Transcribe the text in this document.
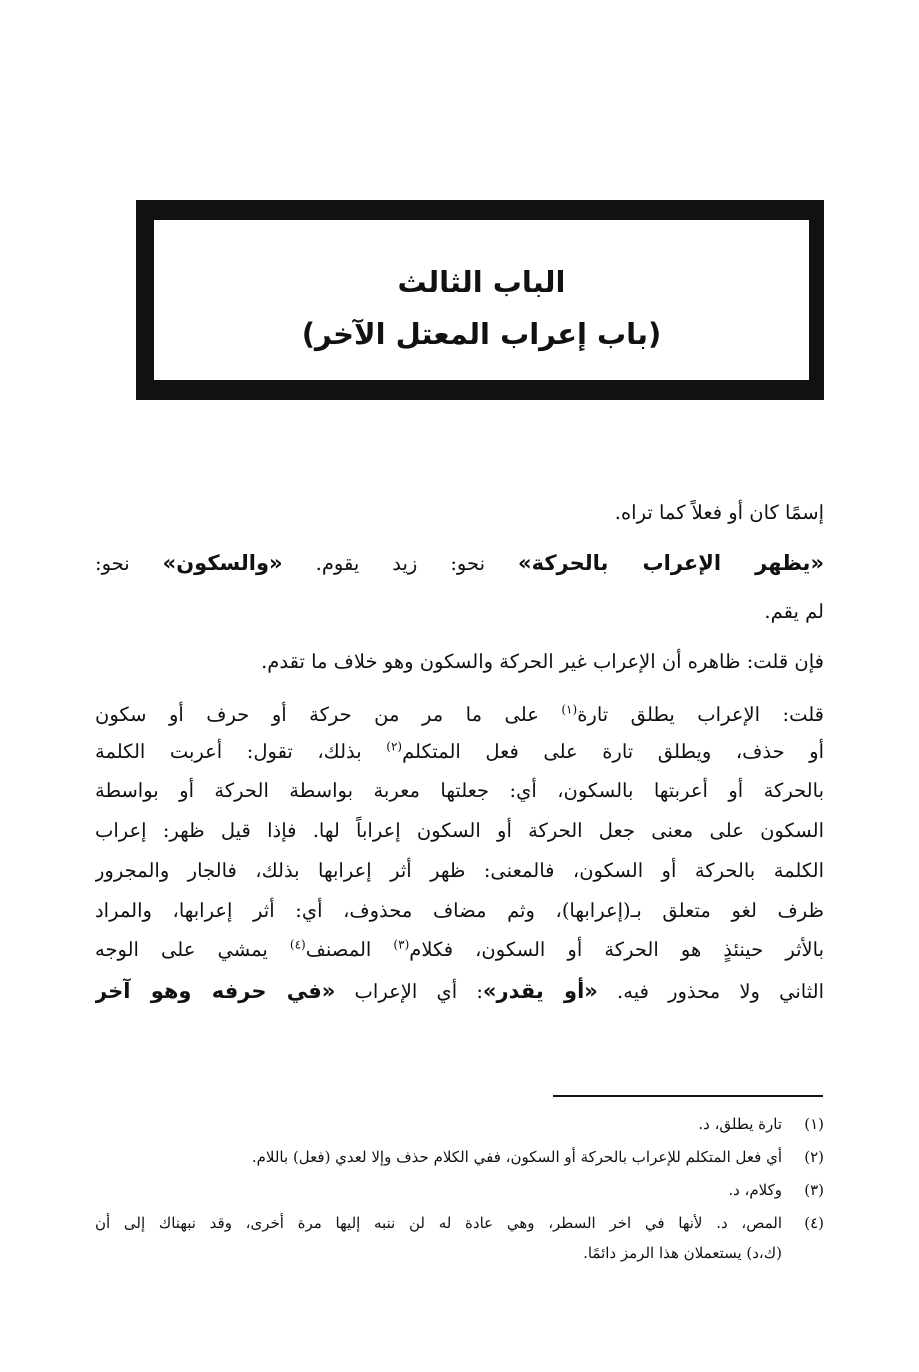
الباب الثالث
(باب إعراب المعتل الآخر)
إسمًا كان أو فعلاً كما تراه.
«يظهر الإعراب بالحركة» نحو: زيد يقوم. «والسكون» نحو:
لم يقم.
فإن قلت: ظاهره أن الإعراب غير الحركة والسكون وهو خلاف ما تقدم.
قلت: الإعراب يطلق تارة$^{(١)}$ على ما مر من حركة أو حرف أو سكون
أو حذف، ويطلق تارة على فعل المتكلم$^{(٢)}$ بذلك، تقول: أعربت الكلمة
بالحركة أو أعربتها بالسكون، أي: جعلتها معربة بواسطة الحركة أو بواسطة
السكون على معنى جعل الحركة أو السكون إعراباً لها. فإذا قيل ظهر: إعراب
الكلمة بالحركة أو السكون، فالمعنى: ظهر أثر إعرابها بذلك، فالجار والمجرور
ظرف لغو متعلق بـ(إعرابها)، وثم مضاف محذوف، أي: أثر إعرابها، والمراد
بالأثر حينئذٍ هو الحركة أو السكون، فكلام$^{(٣)}$ المصنف$^{(٤)}$ يمشي على الوجه
الثاني ولا محذور فيه. «أو يقدر»: أي الإعراب «في حرفه وهو آخر
(١)تارة يطلق، د.
(٢)أي فعل المتكلم للإعراب بالحركة أو السكون، ففي الكلام حذف وإلا لعدي (فعل) باللام.
(٣)وكلام، د.
(٤)المص، د. لأنها في اخر السطر، وهي عادة له لن ننبه إليها مرة أخرى، وقد نبهناك إلى أن
(ك،د) يستعملان هذا الرمز دائمًا.
